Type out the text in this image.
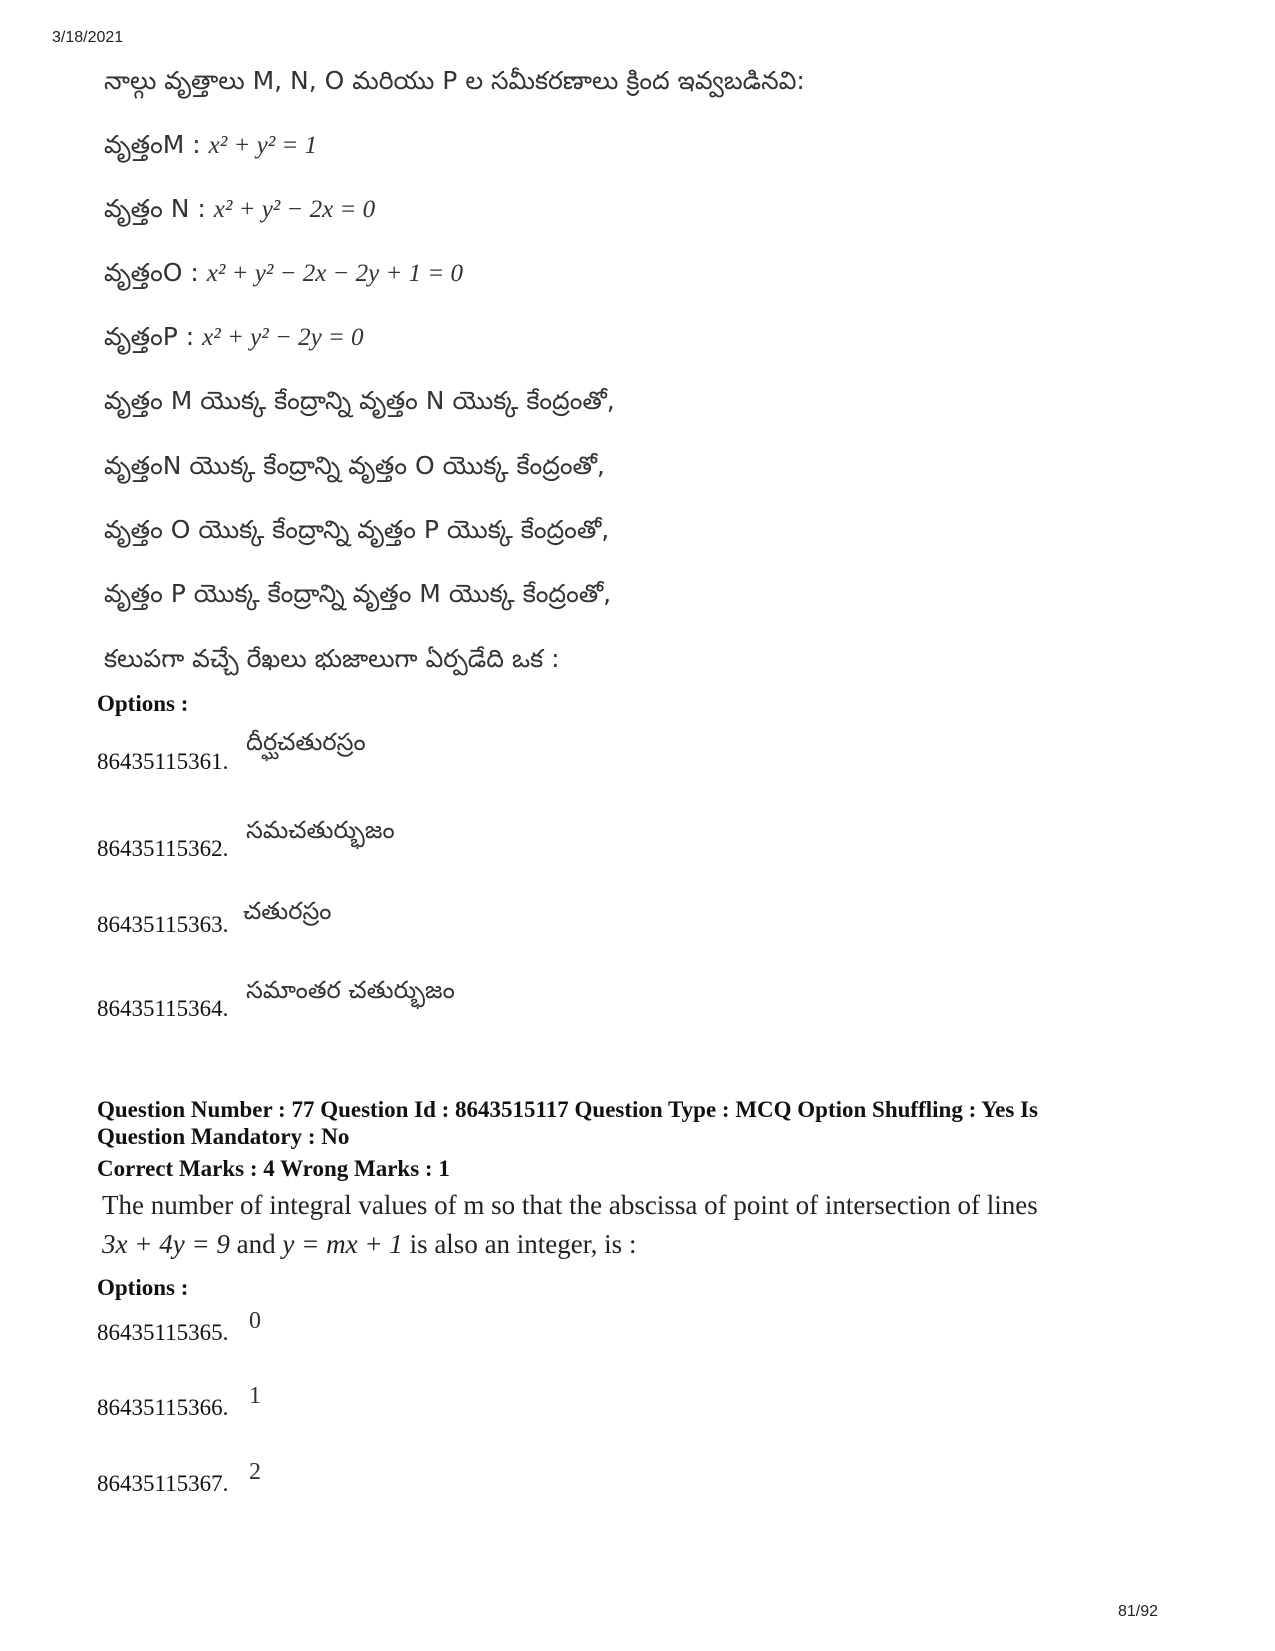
3/18/2021
నాల్గు వృత్తాలు M, N, O మరియు P ల సమీకరణాలు క్రింద ఇవ్వబడినవి:
వృత్తంM : x² + y² = 1
వృత్తం N : x² + y² − 2x = 0
వృత్తంO : x² + y² − 2x − 2y + 1 = 0
వృత్తంP : x² + y² − 2y = 0
వృత్తం M యొక్క కేంద్రాన్ని వృత్తం N యొక్క కేంద్రంతో,
వృత్తంN యొక్క కేంద్రాన్ని వృత్తం O యొక్క కేంద్రంతో,
వృత్తం O యొక్క కేంద్రాన్ని వృత్తం P యొక్క కేంద్రంతో,
వృత్తం P యొక్క కేంద్రాన్ని వృత్తం M యొక్క కేంద్రంతో,
కలుపగా వచ్చే రేఖలు భుజాలుగా ఏర్పడేది ఒక :
Options :
86435115361.
దీర్ఘచతురస్రం
86435115362.
సమచతుర్భుజం
86435115363. చతురస్రం
86435115364.
సమాంతర చతుర్భుజం
Question Number : 77 Question Id : 8643515117 Question Type : MCQ Option Shuffling : Yes Is
Question Mandatory : No
Correct Marks : 4 Wrong Marks : 1
The number of integral values of m so that the abscissa of point of intersection of lines
3x + 4y = 9 and y = mx + 1 is also an integer, is :
Options :
86435115365. 0
86435115366. 1
86435115367. 2
81/92
